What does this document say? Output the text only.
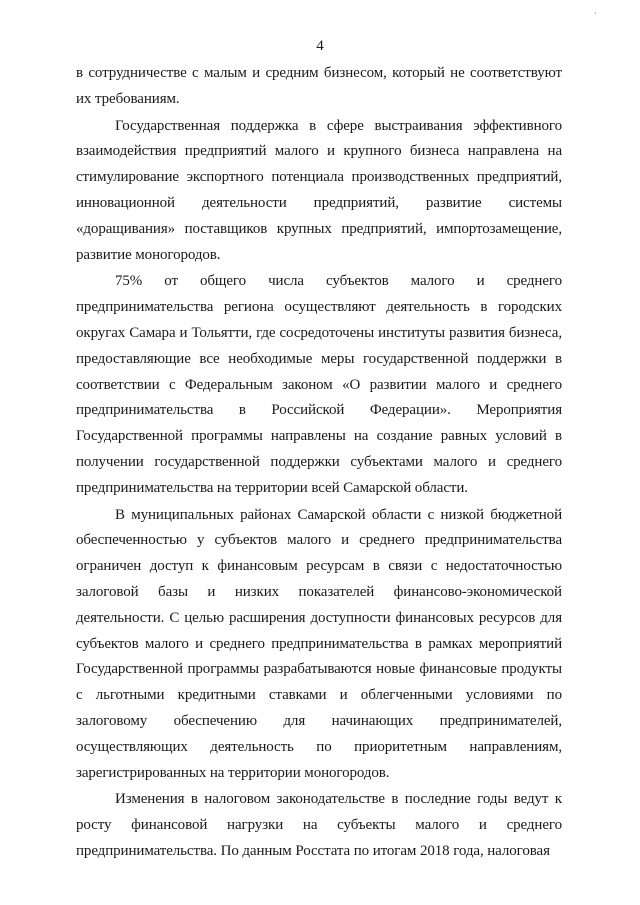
·
4

в сотрудничестве с малым и средним бизнесом, который не соответствуют их требованиям.

Государственная поддержка в сфере выстраивания эффективного взаимодействия предприятий малого и крупного бизнеса направлена на стимулирование экспортного потенциала производственных предприятий, инновационной деятельности предприятий, развитие системы «доращивания» поставщиков крупных предприятий, импортозамещение, развитие моногородов.

75% от общего числа субъектов малого и среднего предпринимательства региона осуществляют деятельность в городских округах Самара и Тольятти, где сосредоточены институты развития бизнеса, предоставляющие все необходимые меры государственной поддержки в соответствии с Федеральным законом «О развитии малого и среднего предпринимательства в Российской Федерации». Мероприятия Государственной программы направлены на создание равных условий в получении государственной поддержки субъектами малого и среднего предпринимательства на территории всей Самарской области.

В муниципальных районах Самарской области с низкой бюджетной обеспеченностью у субъектов малого и среднего предпринимательства ограничен доступ к финансовым ресурсам в связи с недостаточностью залоговой базы и низких показателей финансово-экономической деятельности. С целью расширения доступности финансовых ресурсов для субъектов малого и среднего предпринимательства в рамках мероприятий Государственной программы разрабатываются новые финансовые продукты с льготными кредитными ставками и облегченными условиями по залоговому обеспечению для начинающих предпринимателей, осуществляющих деятельность по приоритетным направлениям, зарегистрированных на территории моногородов.

Изменения в налоговом законодательстве в последние годы ведут к росту финансовой нагрузки на субъекты малого и среднего предпринимательства. По данным Росстата по итогам 2018 года, налоговая
